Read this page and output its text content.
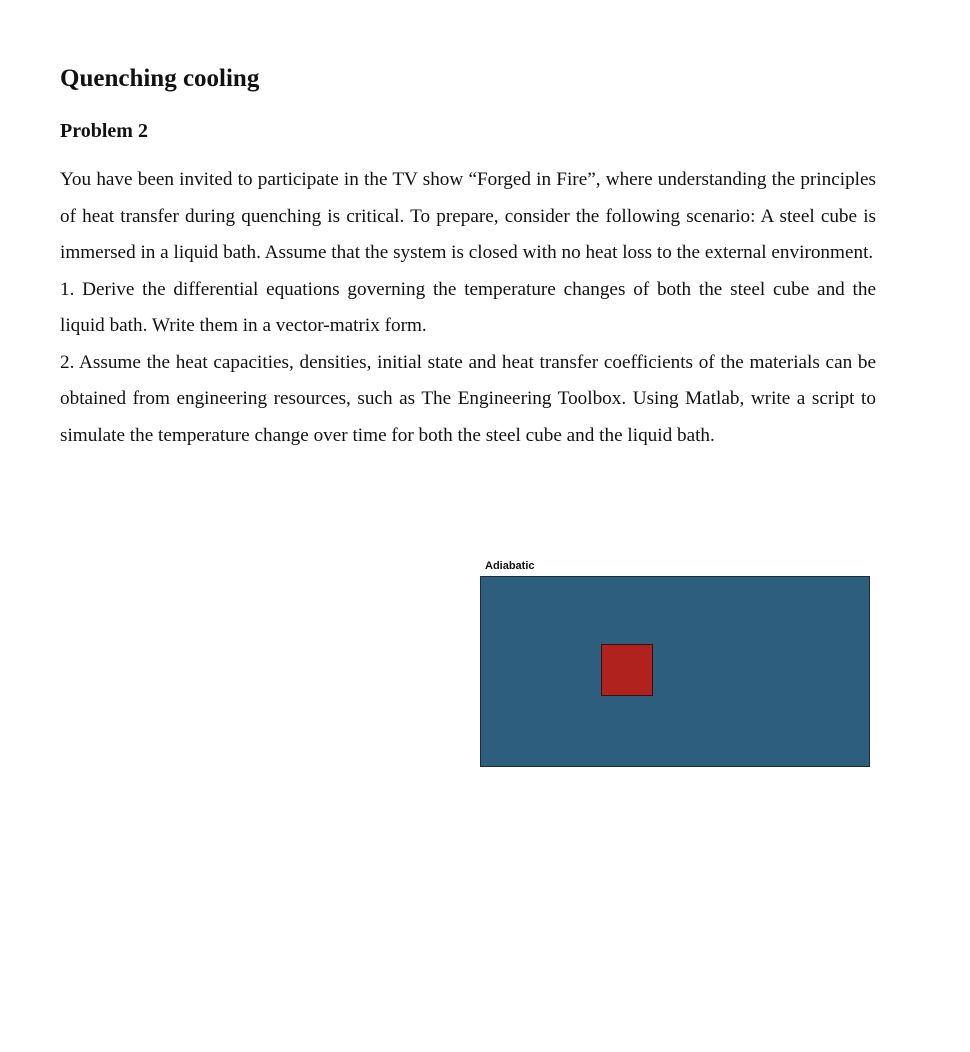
Quenching cooling
Problem 2

You have been invited to participate in the TV show “Forged in Fire”, where understanding the principles of heat transfer during quenching is critical. To prepare, consider the following scenario: A steel cube is immersed in a liquid bath. Assume that the system is closed with no heat loss to the external environment.

1. Derive the differential equations governing the temperature changes of both the steel cube and the liquid bath. Write them in a vector-matrix form.

2. Assume the heat capacities, densities, initial state and heat transfer coefficients of the materials can be obtained from engineering resources, such as The Engineering Toolbox. Using Matlab, write a script to simulate the temperature change over time for both the steel cube and the liquid bath.

Adiabatic
